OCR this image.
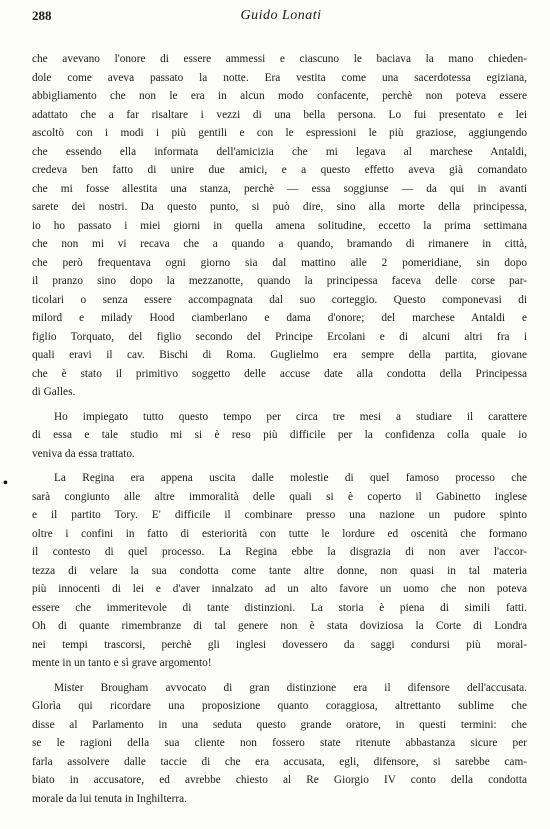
288	Guido Lonati
•
che avevano l'onore di essere ammessi e ciascuno le baciava la mano chieden-
dole come aveva passato la notte. Era vestita come una sacerdotessa egiziana,
abbigliamento che non le era in alcun modo confacente, perchè non poteva essere
adattato che a far risaltare i vezzi di una bella persona. Lo fui presentato e lei
ascoltò con i modi i più gentili e con le espressioni le più graziose, aggiungendo
che essendo ella informata dell'amicizia che mi legava al marchese Antaldi,
credeva ben fatto di unire due amici, e a questo effetto aveva già comandato
che mi fosse allestita una stanza, perchè — essa soggiunse — da qui in avanti
sarete dei nostri. Da questo punto, si può dire, sino alla morte della principessa,
io ho passato i miei giorni in quella amena solitudine, eccetto la prima settimana
che non mi vi recava che a quando a quando, bramando di rimanere in città,
che però frequentava ogni giorno sia dal mattino alle 2 pomeridiane, sin dopo
il pranzo sino dopo la mezzanotte, quando la principessa faceva delle corse par-
ticolari o senza essere accompagnata dal suo corteggio. Questo componevasi di
milord e milady Hood ciamberlano e dama d'onore; del marchese Antaldi e
figlio Torquato, del figlio secondo del Principe Ercolani e di alcuni altri fra i
quali eravi il cav. Bischi di Roma. Guglielmo era sempre della partita, giovane
che è stato il primitivo soggetto delle accuse date alla condotta della Principessa
di Galles.
Ho impiegato tutto questo tempo per circa tre mesi a studiare il carattere
di essa e tale studio mi si è reso più difficile per la confidenza colla quale io
veniva da essa trattato.
La Regina era appena uscita dalle molestie di quel famoso processo che
sarà congiunto alle altre immoralità delle quali si è coperto il Gabinetto inglese
e il partito Tory. E' difficile il combinare presso una nazione un pudore spinto
oltre i confini in fatto di esteriorità con tutte le lordure ed oscenità che formano
il contesto di quel processo. La Regina ebbe la disgrazia di non aver l'accor-
tezza di velare la sua condotta come tante altre donne, non quasi in tal materia
più innocenti di lei e d'aver innalzato ad un alto favore un uomo che non poteva
essere che immeritevole di tante distinzioni. La storia è piena di simili fatti.
Oh di quante rimembranze di tal genere non è stata doviziosa la Corte di Londra
nei tempi trascorsi, perchè gli inglesi dovessero da saggi condursi più moral-
mente in un tanto e sì grave argomento!
Mister Brougham avvocato di gran distinzione era il difensore dell'accusata.
Glorìa qui ricordare una proposizione quanto coraggiosa, altrettanto sublime che
disse al Parlamento in una seduta questo grande oratore, in questi termini: che
se le ragioni della sua cliente non fossero state ritenute abbastanza sicure per
farla assolvere dalle taccie di che era accusata, egli, difensore, si sarebbe cam-
biato in accusatore, ed avrebbe chiesto al Re Giorgio IV conto della condotta
morale da lui tenuta in Inghilterra.
